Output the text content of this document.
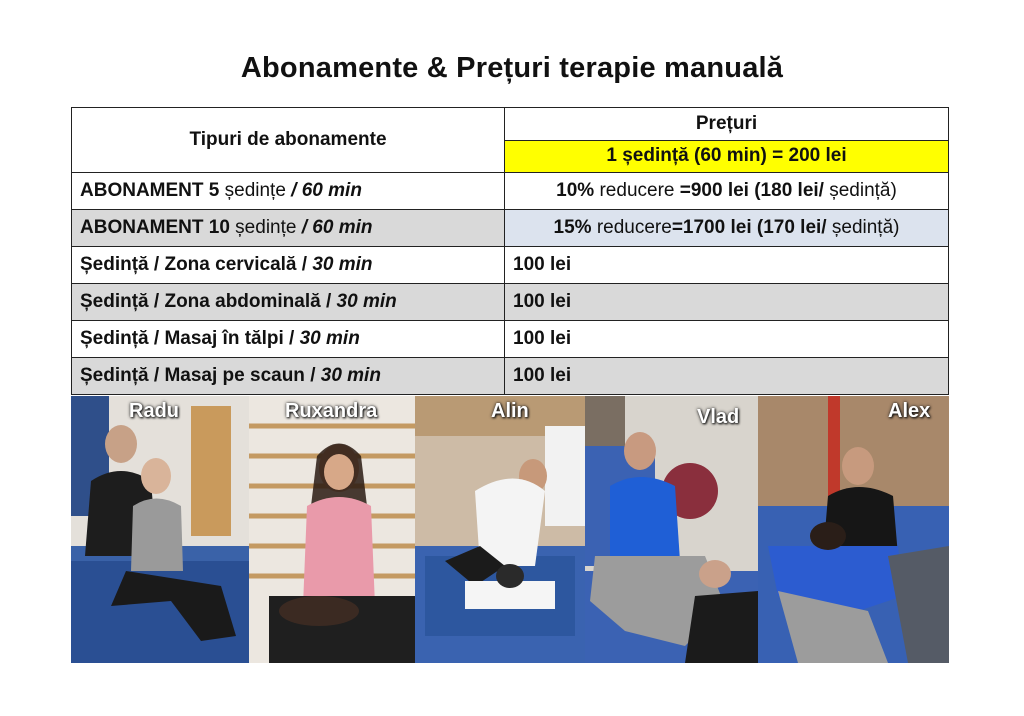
Abonamente & Prețuri terapie manuală
Tipuri de abonamente	Prețuri
	1 ședință (60 min) = 200 lei
ABONAMENT 5 ședințe / 60 min	10% reducere =900 lei (180 lei/ ședință)
ABONAMENT 10 ședințe / 60 min	15% reducere=1700 lei (170 lei/ ședință)
Ședință / Zona cervicală / 30 min	100 lei
Ședință / Zona abdominală / 30 min	100 lei
Ședință / Masaj în tălpi / 30 min	100 lei
Ședință / Masaj pe scaun / 30 min	100 lei
Radu	Ruxandra	Alin	Vlad	Alex
